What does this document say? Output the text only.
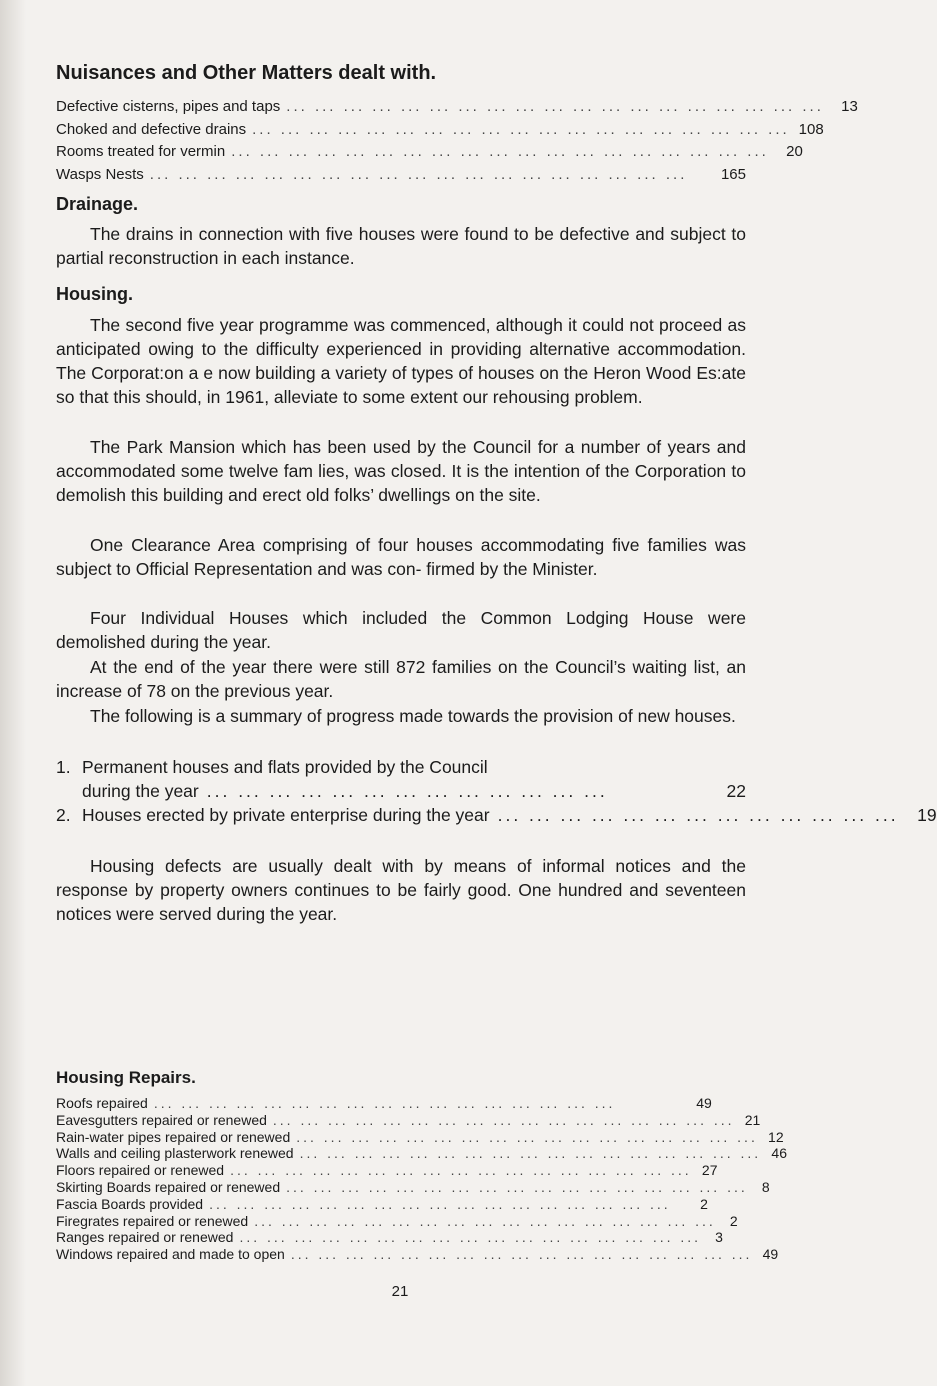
Nuisances and Other Matters dealt with.
Defective cisterns, pipes and taps ... .	13
Choked and defective drains ... .	108
Rooms treated for vermin ... .	20
Wasps Nests ... .	165
Drainage.

The drains in connection with five houses were found to be defective and subject to partial reconstruction in each instance.

Housing.

The second five year programme was commenced, although it could not proceed as anticipated owing to the difficulty experienced in providing alternative accommodation. The Corporat:on a e now building a variety of types of houses on the Heron Wood Es:ate so that this should, in 1961, alleviate to some extent our rehousing problem.

The Park Mansion which has been used by the Council for a number of years and accommodated some twelve fam lies, was closed. It is the intention of the Corporation to demolish this building and erect old folks’ dwellings on the site.

One Clearance Area comprising of four houses accommodating five families was subject to Official Representation and was con- firmed by the Minister.

Four Individual Houses which included the Common Lodging House were demolished during the year.

At the end of the year there were still 872 families on the Council’s waiting list, an increase of 78 on the previous year.

The following is a summary of progress made towards the provision of new houses.

1. Permanent houses and flats provided by the Council
during the year ... .	22
2. Houses erected by private enterprise during the year ... .	19

Housing defects are usually dealt with by means of informal notices and the response by property owners continues to be fairly good. One hundred and seventeen notices were served during the year.

Housing Repairs.
Roofs repaired ... .	49
Eavesgutters repaired or renewed ... .	21
Rain-water pipes repaired or renewed ... .	12
Walls and ceiling plasterwork renewed ... .	46
Floors repaired or renewed ... .	27
Skirting Boards repaired or renewed ... .	8
Fascia Boards provided ... .	2
Firegrates repaired or renewed ... .	2
Ranges repaired or renewed ... .	3
Windows repaired and made to open ... .	49
21
